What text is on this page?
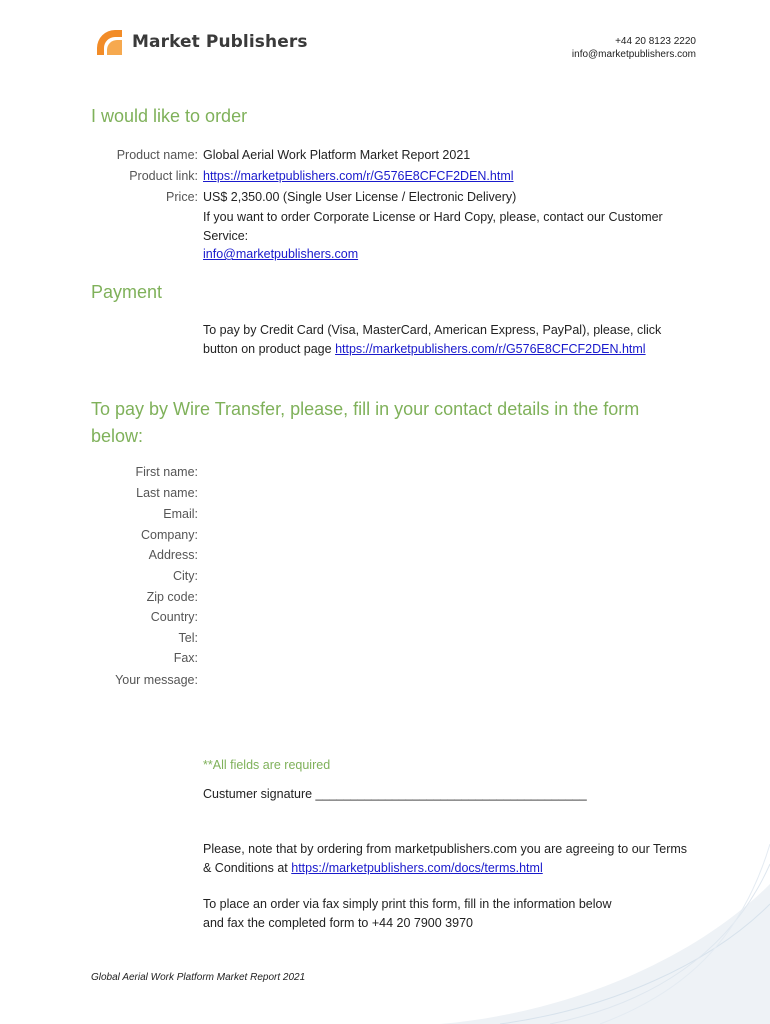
Market Publishers	+44 20 8123 2220
info@marketpublishers.com
I would like to order
Product name: Global Aerial Work Platform Market Report 2021
Product link: https://marketpublishers.com/r/G576E8CFCF2DEN.html
Price: US$ 2,350.00 (Single User License / Electronic Delivery)
If you want to order Corporate License or Hard Copy, please, contact our Customer
Service:
info@marketpublishers.com
Payment
To pay by Credit Card (Visa, MasterCard, American Express, PayPal), please, click
button on product page https://marketpublishers.com/r/G576E8CFCF2DEN.html
To pay by Wire Transfer, please, fill in your contact details in the form
below:
First name:
Last name:
Email:
Company:
Address:
City:
Zip code:
Country:
Tel:
Fax:
Your message:
**All fields are required
Custumer signature _______________________________________
Please, note that by ordering from marketpublishers.com you are agreeing to our Terms
& Conditions at https://marketpublishers.com/docs/terms.html
To place an order via fax simply print this form, fill in the information below
and fax the completed form to +44 20 7900 3970
Global Aerial Work Platform Market Report 2021
